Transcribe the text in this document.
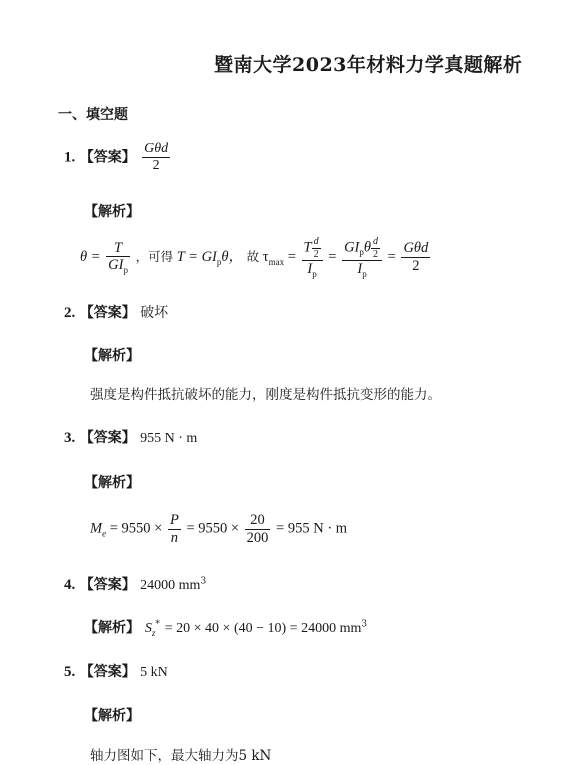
暨南大学2023年材料力学真题解析
一、填空题
1. 【答案】 $\frac{\text{Gθd}}{2}$
【解析】
$\theta = \frac{T}{GI_p}$ ，可得 $T = GI_p\theta$， 故 $\tau_{max} = \frac{T \frac{d}{2}}{I_p} = \frac{GI_p\theta \frac{d}{2}}{I_p} = \frac{\text{Gθd}}{2}$
2. 【答案】 破坏
【解析】
强度是构件抵抗破坏的能力，刚度是构件抵抗变形的能力。
3. 【答案】 955 N · m
【解析】
$M_e = 9550 \times \frac{P}{n} = 9550 \times \frac{20}{200} = 955$ N · m
4. 【答案】 24000 $mm^3$
【解析】 $S_z^* = 20 \times 40 \times (40 - 10) = 24000$ $mm^3$
5. 【答案】 5 kN
【解析】
轴力图如下，最大轴力为5 kN
